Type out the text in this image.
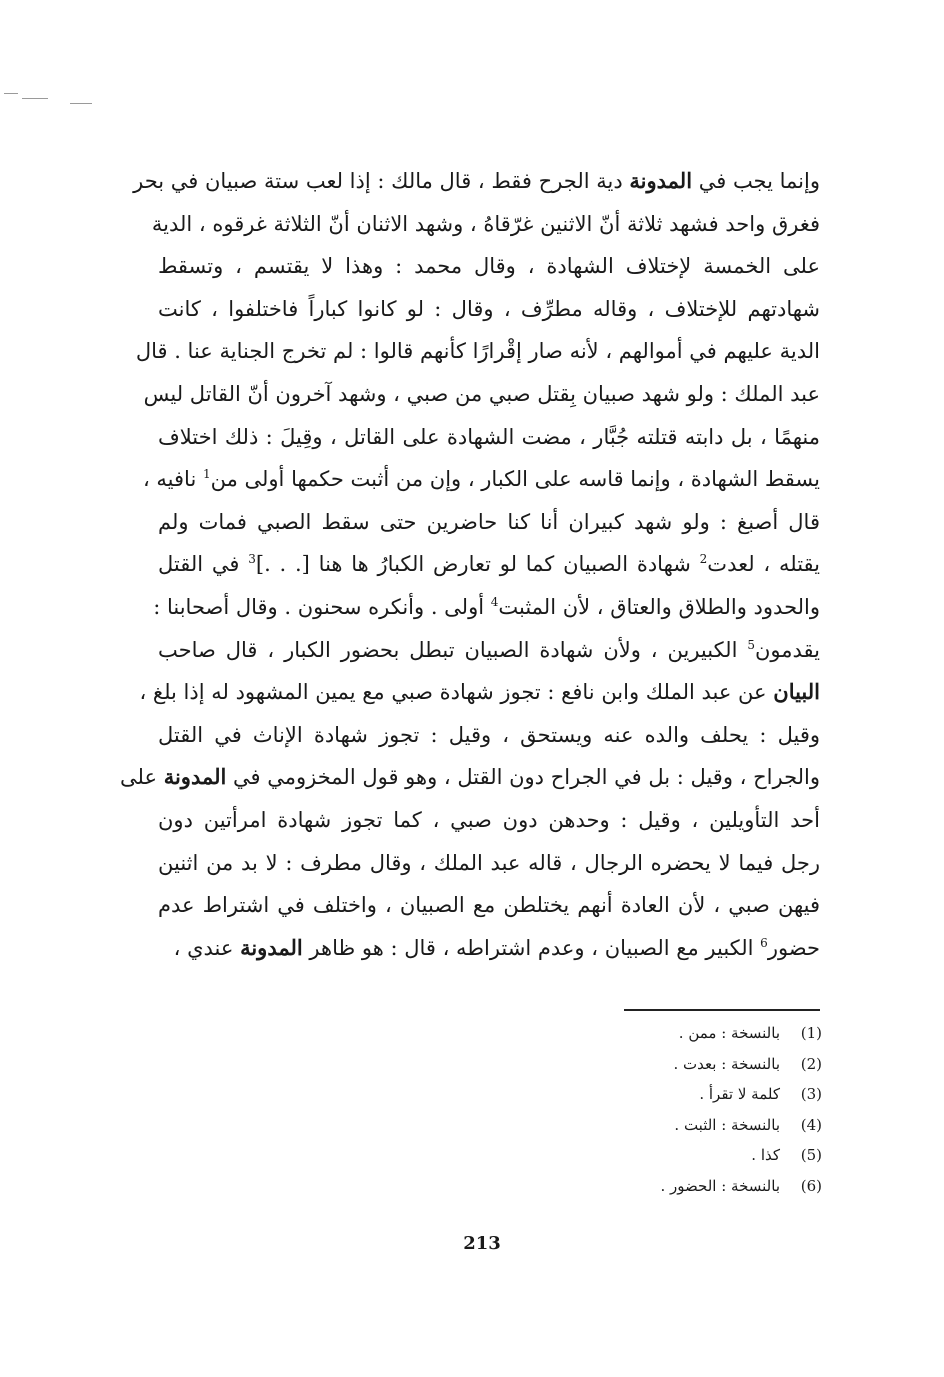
وإنما يجب في المدونة دية الجرح فقط ، قال مالك : إذا لعب ستة صبيان في بحر
فغرق واحد فشهد ثلاثة أنّ الاثنين غرّقاهُ ، وشهد الاثنان أنّ الثلاثة غرقوه ، الدية
على الخمسة لإختلاف الشهادة ، وقال محمد : وهذا لا يقتسم ، وتسقط
شهادتهم للإختلاف ، وقاله مطرِّف ، وقال : لو كانوا كباراً فاختلفوا ، كانت
الدية عليهم في أموالهم ، لأنه صار إقْرارًا كأنهم قالوا : لم تخرج الجناية عنا . قال
عبد الملك : ولو شهد صبيان بِقتل صبي من صبي ، وشهد آخرون أنّ القاتل ليس
منهمًا ، بل دابته قتلته جُبَّار ، مضت الشهادة على القاتل ، وقِيلَ : ذلك اختلاف
يسقط الشهادة ، وإنما قاسه على الكبار ، وإن من أثبت حكمها أولى من$^1$ نافيه ،
قال أصبغ : ولو شهد كبيران أنا كنا حاضرين حتى سقط الصبي فمات ولم
يقتله ، لعدت$^2$ شهادة الصبيان كما لو تعارض الكبارُ ها هنا [. . .]$^3$ في القتل
والحدود والطلاق والعتاق ، لأن المثبت$^4$ أولى . وأنكره سحنون . وقال أصحابنا :
يقدمون$^5$ الكبيرين ، ولأن شهادة الصبيان تبطل بحضور الكبار ، قال صاحب
البيان عن عبد الملك وابن نافع : تجوز شهادة صبي مع يمين المشهود له إذا بلغ ،
وقيل : يحلف والده عنه ويستحق ، وقيل : تجوز شهادة الإناث في القتل
والجراح ، وقيل : بل في الجراح دون القتل ، وهو قول المخزومي في المدونة على
أحد التأويلين ، وقيل : وحدهن دون صبي ، كما تجوز شهادة امرأتين دون
رجل فيما لا يحضره الرجال ، قاله عبد الملك ، وقال مطرف : لا بد من اثنين
فيهن صبي ، لأن العادة أنهم يختلطن مع الصبيان ، واختلف في اشتراط عدم
حضور$^6$ الكبير مع الصبيان ، وعدم اشتراطه ، قال : هو ظاهر المدونة عندي ،
(1)بالنسخة : ممن .
(2)بالنسخة : بعدت .
(3)كلمة لا تقرأ .
(4)بالنسخة : الثبت .
(5)كذا .
(6)بالنسخة : الحضور .
213
